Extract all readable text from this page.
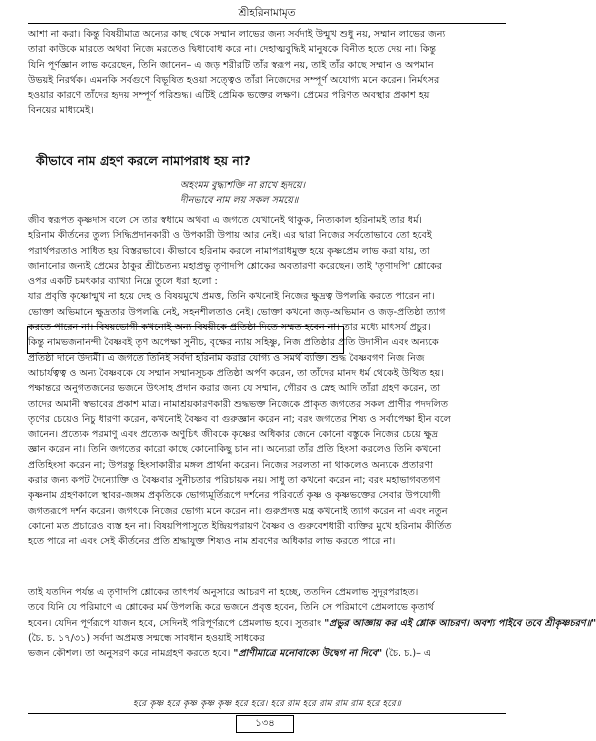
শ্রীহরিনামামৃত
আশা না করা। কিন্তু বিষয়ীমাত্র অন্যের কাছ থেকে সম্মান লাভের জন্য সর্বদাই উন্মুখ শুধু নয়, সম্মান লাভের জন্য
তারা কাউকে মারতে অথবা নিজে মরতেও দ্বিধাবোধ করে না। দেহাত্মবুদ্ধিই মানুষকে বিনীত হতে দেয় না। কিন্তু
যিনি পূর্ণজ্ঞান লাভ করেছেন, তিনি জানেন– এ জড় শরীরটি তাঁর স্বরূপ নয়, তাই তাঁর কাছে সম্মান ও অপমান
উভয়ই নিরর্থক। এমনকি সর্বগুণে বিভূষিত হওয়া সত্ত্বেও তাঁরা নিজেদের সম্পূর্ণ অযোগ্য মনে করেন। নির্মৎসর
হওয়ার কারণে তাঁদের হৃদয় সম্পূর্ণ পরিশুদ্ধ। এটিই প্রেমিক ভক্তের লক্ষণ। প্রেমের পরিণত অবস্থার প্রকাশ হয়
বিনয়ের মাধ্যমেই।
কীভাবে নাম গ্রহণ করলে নামাপরাধ হয় না?
অহংমম বুদ্ধ্যশক্তি না রাখে হৃদয়ে।
দীনভাবে নাম লয় সকল সময়ে॥
জীব স্বরূপত কৃষ্ণদাস বলে সে তার স্বধামে অথবা এ জগতে যেখানেই থাকুক, নিত্যকাল হরিনামই তার ধর্ম।
হরিনাম কীর্তনের তুল্য সিদ্ধিপ্রদানকারী ও উপকারী উপায় আর নেই। এর দ্বারা নিজের সর্বতোভাবে তো হবেই
পরার্থপরতাও সাধিত হয় বিস্তরভাবে। কীভাবে হরিনাম করলে নামাপরাধমুক্ত হয়ে কৃষ্ণপ্রেম লাভ করা যায়, তা
জানানোর জন্যই প্রেমের ঠাকুর শ্রীচৈতন্য মহাপ্রভু তৃণাদপি শ্লোকের অবতারণা করেছেন। তাই 'তৃণাদপি' শ্লোকের
ওপর একটি চমৎকার ব্যাখ্যা নিম্নে তুলে ধরা হলো :
যার প্রবৃত্তি কৃষ্ণোন্মুখ না হয়ে দেহ ও বিষয়মুখে প্রমত্ত, তিনি কখনোই নিজের ক্ষুদ্রত্ব উপলব্ধি করতে পারেন না।
ভোক্তা অভিমানে ক্ষুদ্রতার উপলব্ধি নেই, সহনশীলতাও নেই। ভোক্তা কখনো জড়-অভিমান ও জড়-প্রতিষ্ঠা ত্যাগ
করতে পারেন না। বিষয়ভোগী কখনোই অন্য বিষয়ীকে প্রতিষ্ঠা দিতে সম্মত হবেন না। তার মধ্যে মাৎসর্য প্রচুর।
কিন্তু নামভজনানন্দী বৈষ্ণবই তৃণ অপেক্ষা সুনীচ, বৃক্ষের ন্যায় সহিষ্ণু, নিজ প্রতিষ্ঠার প্রতি উদাসীন এবং অন্যকে
প্রতিষ্ঠা দানে উদ্যমী। এ জগতে তিনিই সর্বদা হরিনাম করার যোগ্য ও সমর্থ ব্যক্তি। শুদ্ধ বৈষ্ণবগণ নিজ নিজ
আচার্যত্বত্ব ও অন্য বৈষ্ণবকে যে সম্মান সম্মানসূচক প্রতিষ্ঠা অর্পণ করেন, তা তাঁদের মানদ ধর্ম থেকেই উত্থিত হয়।
পক্ষান্তরে অনুগতজনের ভজনে উৎসাহ প্রদান করার জন্য যে সম্মান, গৌরব ও স্নেহ আদি তাঁরা গ্রহণ করেন, তা
তাদের অমানী স্বভাবের প্রকাশ মাত্র। নামাশ্রয়কারণকারী শুদ্ধভক্ত নিজেকে প্রাকৃত জগতের সকল প্রাণীর পদদলিত
তৃণের চেয়েও নিচু ধারণা করেন, কখনোই বৈষ্ণব বা গুরুজ্ঞান করেন না; বরং জগতের শিষ্য ও সর্বাপেক্ষা হীন বলে
জানেন। প্রত্যেক পরমাণু এবং প্রত্যেক অণুচিৎ জীবকে কৃষ্ণের অধিকার জেনে কোনো বস্তুকে নিজের চেয়ে ক্ষুদ্র
জ্ঞান করেন না। তিনি জগতের কারো কাছে কোনোকিছু চান না। অন্যেরা তাঁর প্রতি হিংসা করলেও তিনি কখনো
প্রতিহিংসা করেন না; উপরন্তু হিংসাকারীর মঙ্গল প্রার্থনা করেন। নিজের সরলতা না থাকলেও অন্যকে প্রতারণা
করার জন্য কপট দৈন্যোক্তি ও বৈষ্ণবার সুনীচতার পরিচায়ক নয়। সাধু তা কখনো করেন না; বরং মহাভাগবতগণ
কৃষ্ণনাম গ্রহণকালে স্থাবর-জঙ্গম প্রকৃতিকে ভোগ্যমূর্তিরূপে দর্শনের পরিবর্তে কৃষ্ণ ও কৃষ্ণভক্তের সেবার উপযোগী
জগতরূপে দর্শন করেন। জগৎকে নিজের ভোগ্য মনে করেন না। গুরুপ্রদত্ত মন্ত্র কখনোই ত্যাগ করেন না এবং নতুন
কোনো মত প্রচারেও ব্যস্ত হন না। বিষয়পিপাসুতে ইন্দ্রিয়পরায়ণ বৈষ্ণব ও গুরুবেশধারী ব্যক্তির মুখে হরিনাম কীর্তিত
হতে পারে না এবং সেই কীর্তনের প্রতি শ্রদ্ধাযুক্ত শিষ্যও নাম শ্রবণের অধিকার লাভ করতে পারে না।
তাই যতদিন পর্যন্ত এ তৃণাদপি শ্লোকের তাৎপর্য অনুসারে আচরণ না হচ্ছে, ততদিন প্রেমলাভ সুদূরপরাহত।
তবে যিনি যে পরিমাণে এ শ্লোকের মর্ম উপলব্ধি করে ভজনে প্রবৃত্ত হবেন, তিনি সে পরিমাণে প্রেমলাভে কৃতার্থ
হবেন। যেদিন পূর্ণরূপে যাজন হবে, সেদিনই পরিপূর্ণরূপে প্রেমলাভ হবে। সুতরাং "প্রভুর আজ্ঞায় কর এই শ্লোক আচরণ। অবশ্য পাইবে তবে শ্রীকৃষ্ণচরণ॥"
(চৈ. চ. ১৭/৩১) সর্বদা অপ্রমত্ত সন্মন্ধে সাবধান হওয়াই সাধকের
ভজন কৌশল। তা অনুসরণ করে নামগ্রহণ করতে হবে। "প্রাণীমাত্রে মনোবাক্যে উদ্বেগ না দিবে" (চৈ. চ.)– এ
হরে কৃষ্ণ হরে কৃষ্ণ কৃষ্ণ কৃষ্ণ হরে হরে। হরে রাম হরে রাম রাম রাম হরে হরে॥
১৩৪
